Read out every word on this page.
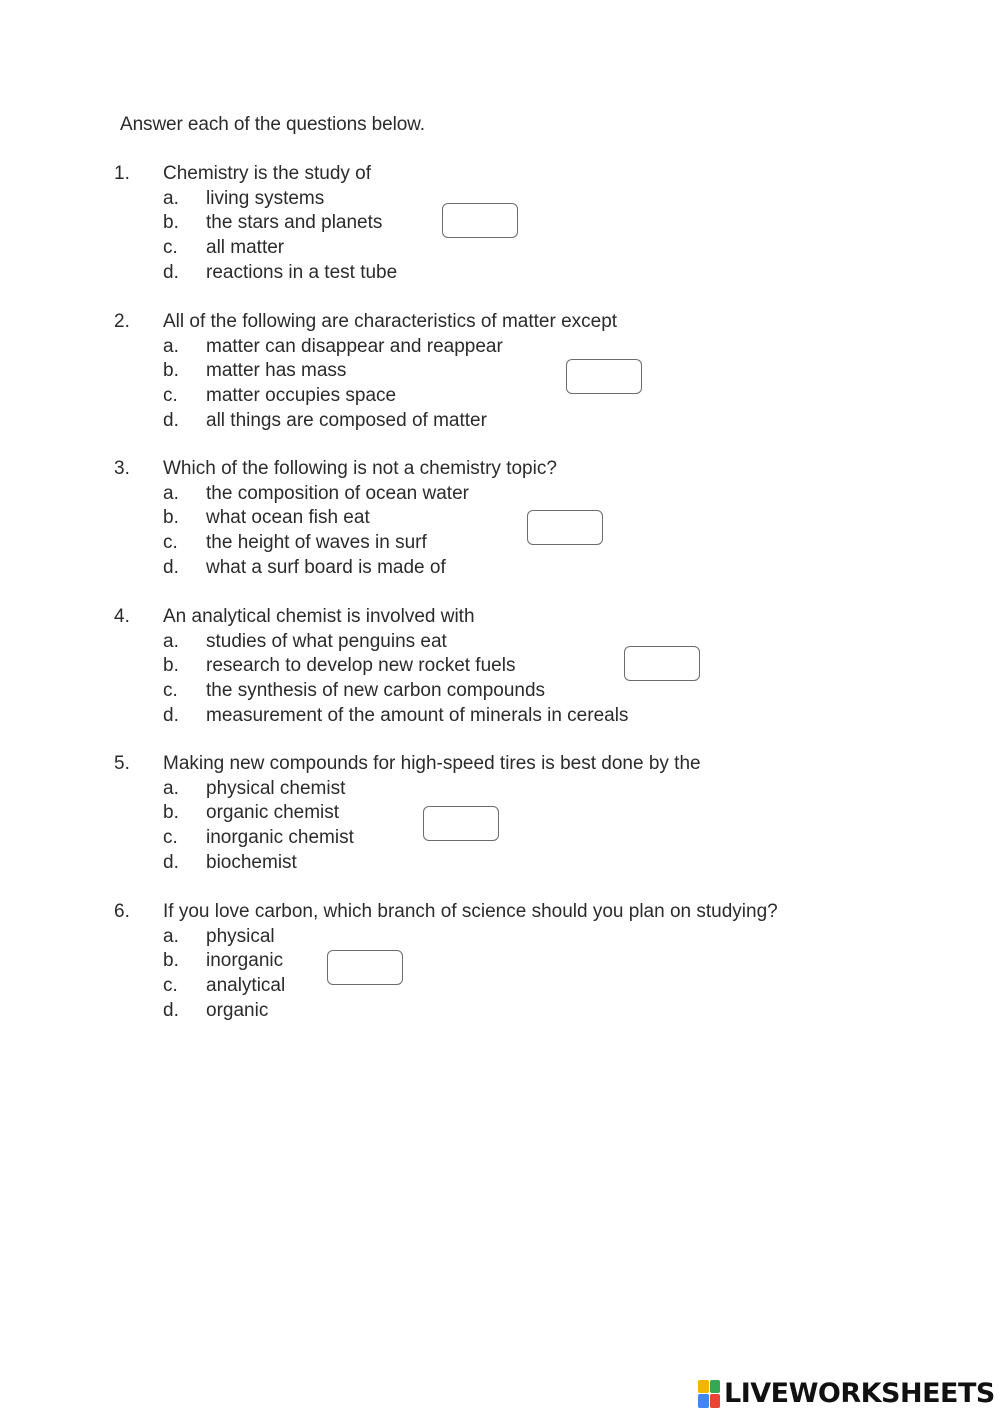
Answer each of the questions below.
1. Chemistry is the study of
a. living systems
b. the stars and planets
c. all matter
d. reactions in a test tube
2. All of the following are characteristics of matter except
a. matter can disappear and reappear
b. matter has mass
c. matter occupies space
d. all things are composed of matter
3. Which of the following is not a chemistry topic?
a. the composition of ocean water
b. what ocean fish eat
c. the height of waves in surf
d. what a surf board is made of
4. An analytical chemist is involved with
a. studies of what penguins eat
b. research to develop new rocket fuels
c. the synthesis of new carbon compounds
d. measurement of the amount of minerals in cereals
5. Making new compounds for high-speed tires is best done by the
a. physical chemist
b. organic chemist
c. inorganic chemist
d. biochemist
6. If you love carbon, which branch of science should you plan on studying?
a. physical
b. inorganic
c. analytical
d. organic
LIVEWORKSHEETS
